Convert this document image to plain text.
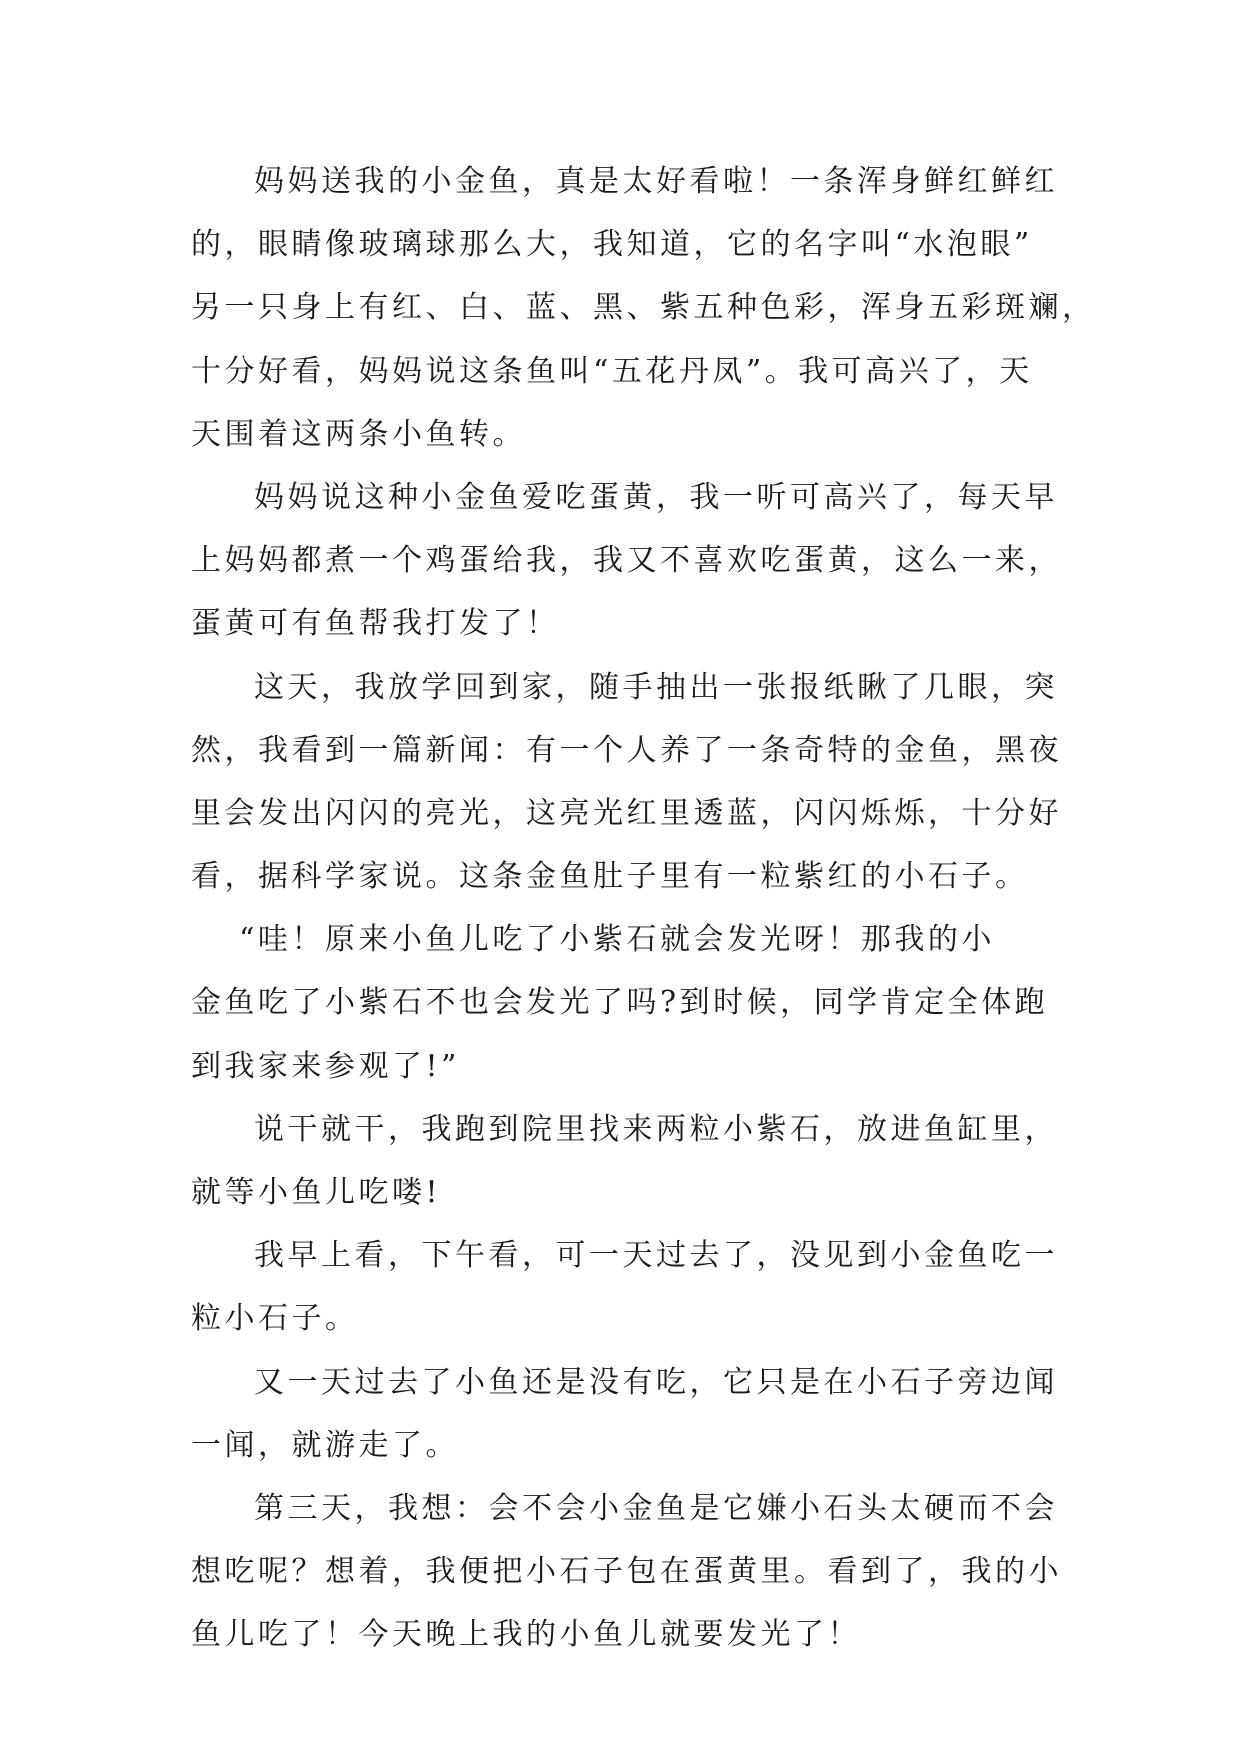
妈妈送我的小金鱼，真是太好看啦！一条浑身鲜红鲜红
的，眼睛像玻璃球那么大，我知道，它的名字叫“水泡眼”
另一只身上有红、白、蓝、黑、紫五种色彩，浑身五彩斑斓，
十分好看，妈妈说这条鱼叫“五花丹凤”。我可高兴了，天
天围着这两条小鱼转。
妈妈说这种小金鱼爱吃蛋黄，我一听可高兴了，每天早
上妈妈都煮一个鸡蛋给我，我又不喜欢吃蛋黄，这么一来，
蛋黄可有鱼帮我打发了！
这天，我放学回到家，随手抽出一张报纸瞅了几眼，突
然，我看到一篇新闻：有一个人养了一条奇特的金鱼，黑夜
里会发出闪闪的亮光，这亮光红里透蓝，闪闪烁烁，十分好
看，据科学家说。这条金鱼肚子里有一粒紫红的小石子。
“哇！原来小鱼儿吃了小紫石就会发光呀！那我的小
金鱼吃了小紫石不也会发光了吗?到时候，同学肯定全体跑
到我家来参观了!”
说干就干，我跑到院里找来两粒小紫石，放进鱼缸里，
就等小鱼儿吃喽!
我早上看，下午看，可一天过去了，没见到小金鱼吃一
粒小石子。
又一天过去了小鱼还是没有吃，它只是在小石子旁边闻
一闻，就游走了。
第三天，我想：会不会小金鱼是它嫌小石头太硬而不会
想吃呢？想着，我便把小石子包在蛋黄里。看到了，我的小
鱼儿吃了！今天晚上我的小鱼儿就要发光了！
